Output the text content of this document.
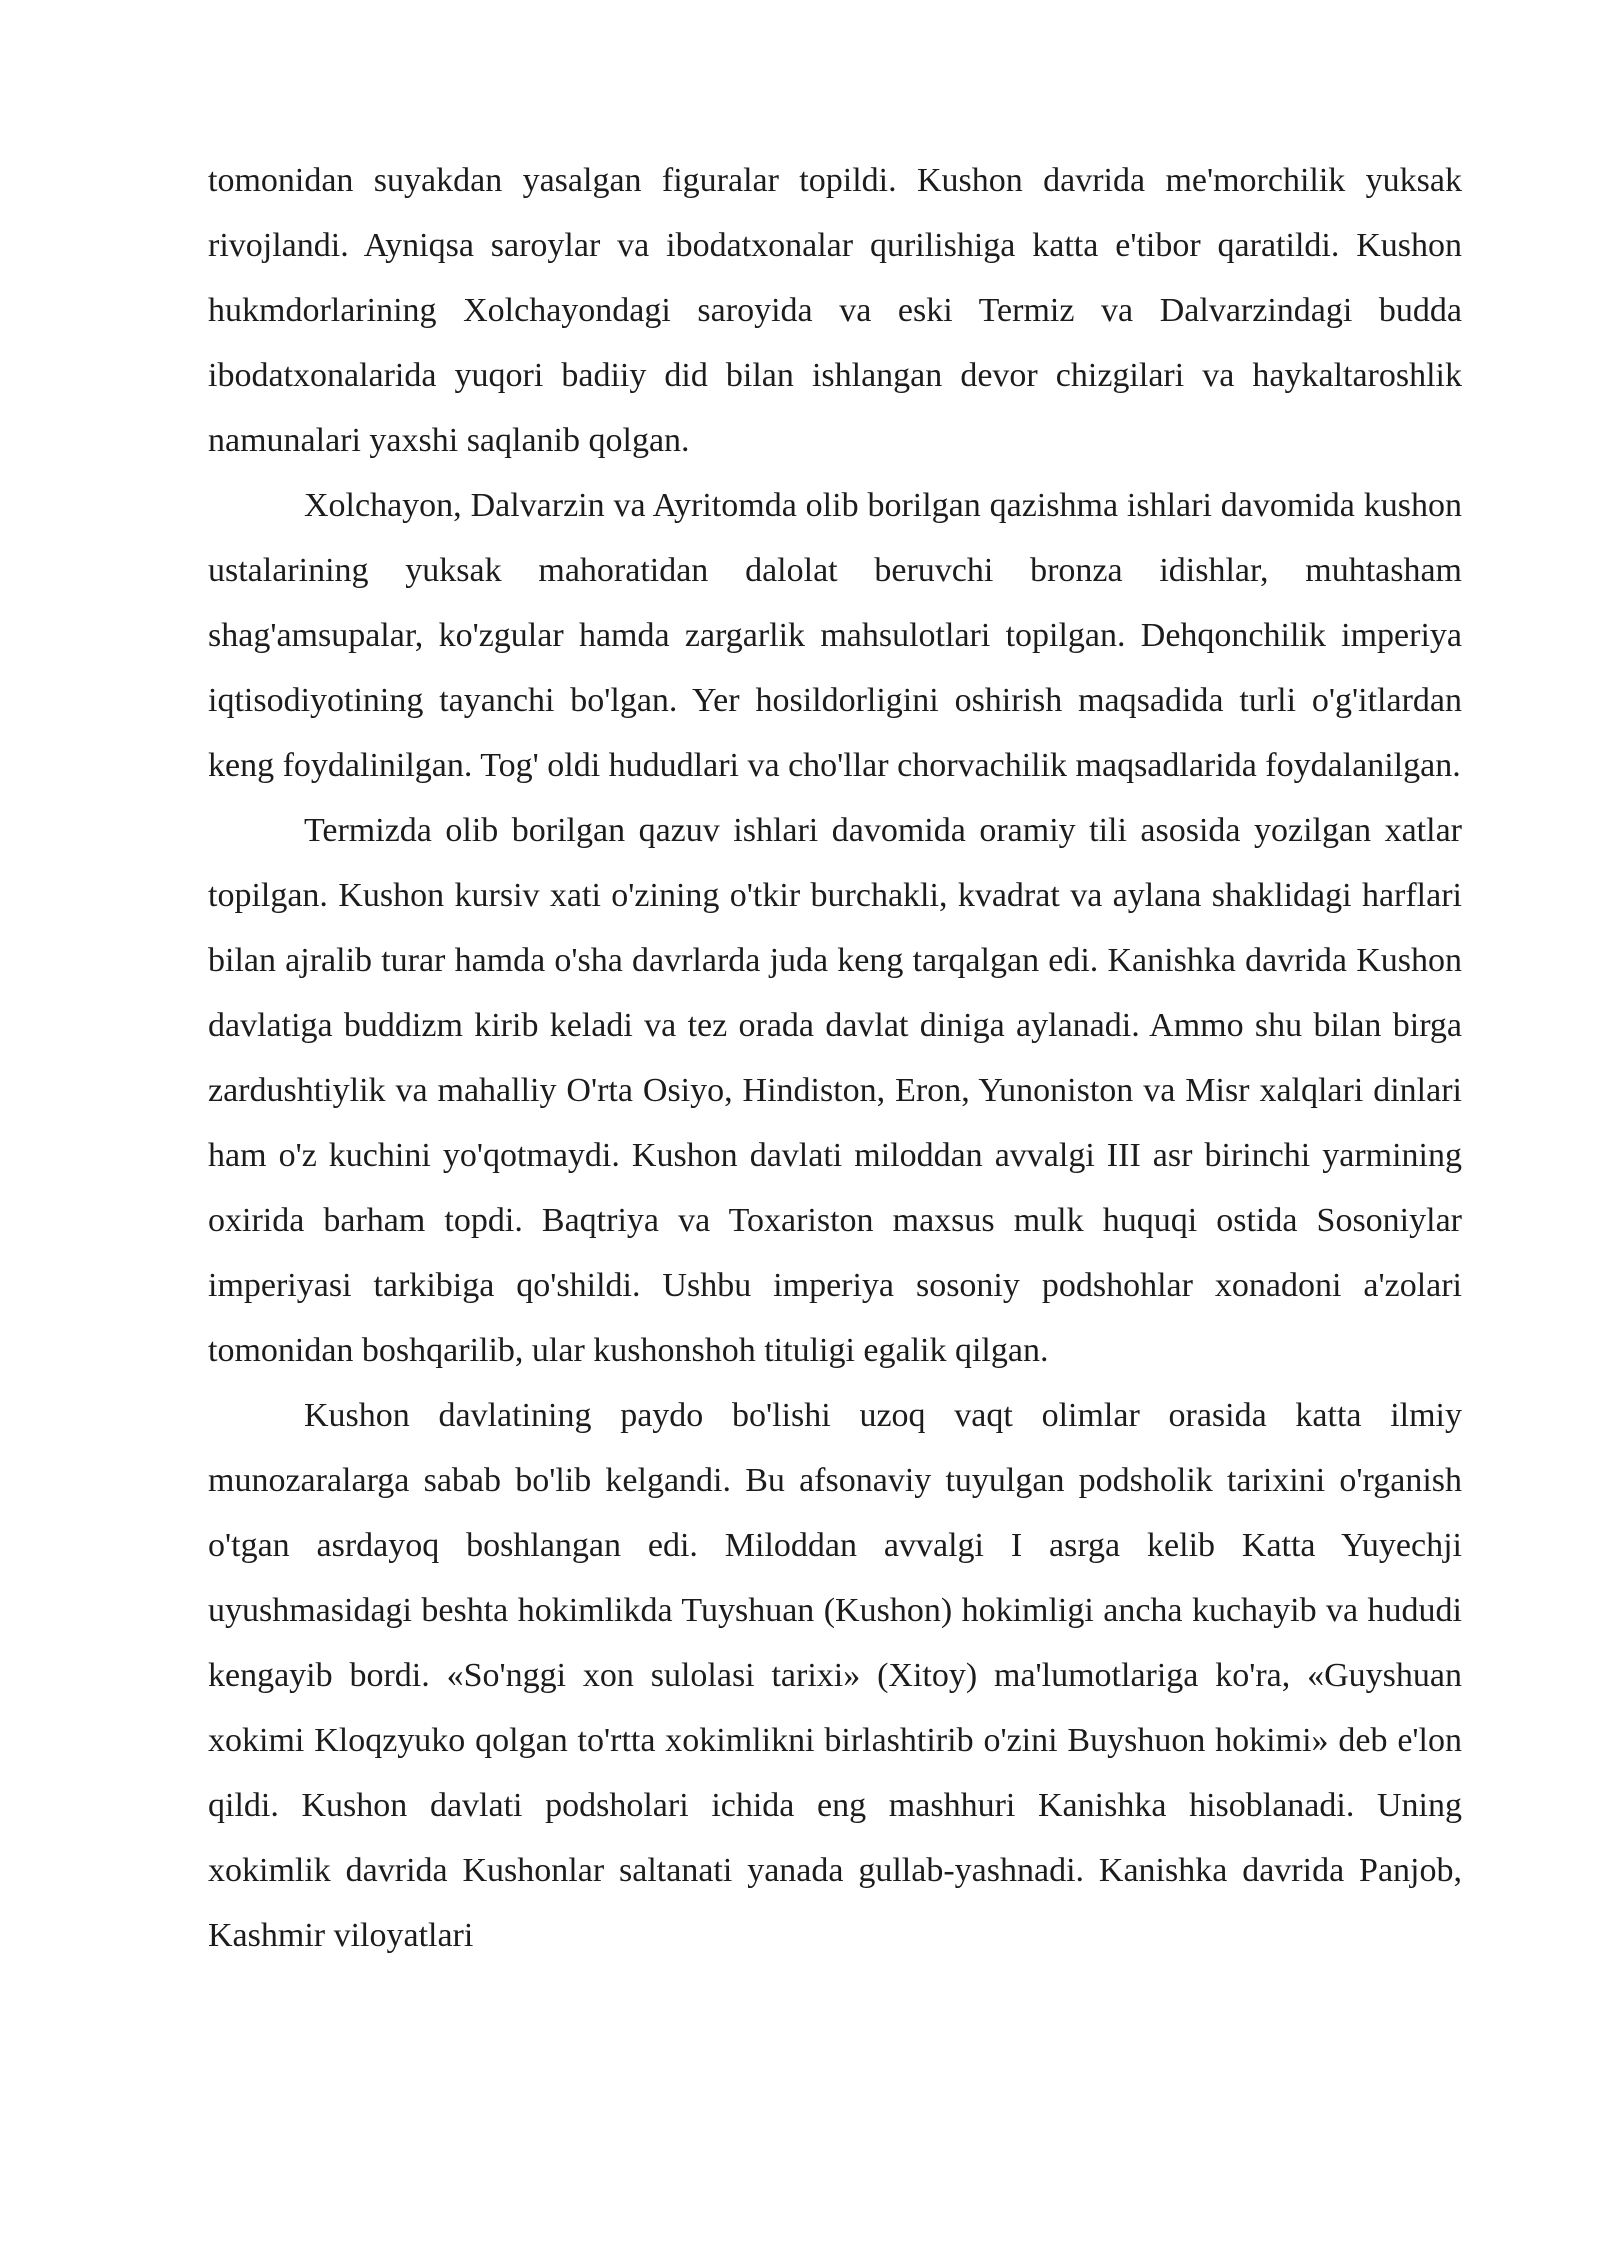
tomonidan suyakdan yasalgan figuralar topildi. Kushon davrida me'morchilik yuksak rivojlandi. Ayniqsa saroylar va ibodatxonalar qurilishiga katta e'tibor qaratildi. Kushon hukmdorlarining Xolchayondagi saroyida va eski Termiz va Dalvarzindagi budda ibodatxonalarida yuqori badiiy did bilan ishlangan devor chizgilari va haykaltaroshlik namunalari yaxshi saqlanib qolgan.

Xolchayon, Dalvarzin va Ayritomda olib borilgan qazishma ishlari davomida kushon ustalarining yuksak mahoratidan dalolat beruvchi bronza idishlar, muhtasham shag'amsupalar, ko'zgular hamda zargarlik mahsulotlari topilgan. Dehqonchilik imperiya iqtisodiyotining tayanchi bo'lgan. Yer hosildorligini oshirish maqsadida turli o'g'itlardan keng foydalinilgan. Tog' oldi hududlari va cho'llar chorvachilik maqsadlarida foydalanilgan.

Termizda olib borilgan qazuv ishlari davomida oramiy tili asosida yozilgan xatlar topilgan. Kushon kursiv xati o'zining o'tkir burchakli, kvadrat va aylana shaklidagi harflari bilan ajralib turar hamda o'sha davrlarda juda keng tarqalgan edi. Kanishka davrida Kushon davlatiga buddizm kirib keladi va tez orada davlat diniga aylanadi. Ammo shu bilan birga zardushtiylik va mahalliy O'rta Osiyo, Hindiston, Eron, Yunoniston va Misr xalqlari dinlari ham o'z kuchini yo'qotmaydi. Kushon davlati miloddan avvalgi III asr birinchi yarmining oxirida barham topdi. Baqtriya va Toxariston maxsus mulk huquqi ostida Sosoniylar imperiyasi tarkibiga qo'shildi. Ushbu imperiya sosoniy podshohlar xonadoni a'zolari tomonidan boshqarilib, ular kushonshoh tituligi egalik qilgan.

Kushon davlatining paydo bo'lishi uzoq vaqt olimlar orasida katta ilmiy munozaralarga sabab bo'lib kelgandi. Bu afsonaviy tuyulgan podsholik tarixini o'rganish o'tgan asrdayoq boshlangan edi. Miloddan avvalgi I asrga kelib Katta Yuyechji uyushmasidagi beshta hokimlikda Tuyshuan (Kushon) hokimligi ancha kuchayib va hududi kengayib bordi. «So'nggi xon sulolasi tarixi» (Xitoy) ma'lumotlariga ko'ra, «Guyshuan xokimi Kloqzyuko qolgan to'rtta xokimlikni birlashtirib o'zini Buyshuon hokimi» deb e'lon qildi. Kushon davlati podsholari ichida eng mashhuri Kanishka hisoblanadi. Uning xokimlik davrida Kushonlar saltanati yanada gullab-yashnadi. Kanishka davrida Panjob, Kashmir viloyatlari
